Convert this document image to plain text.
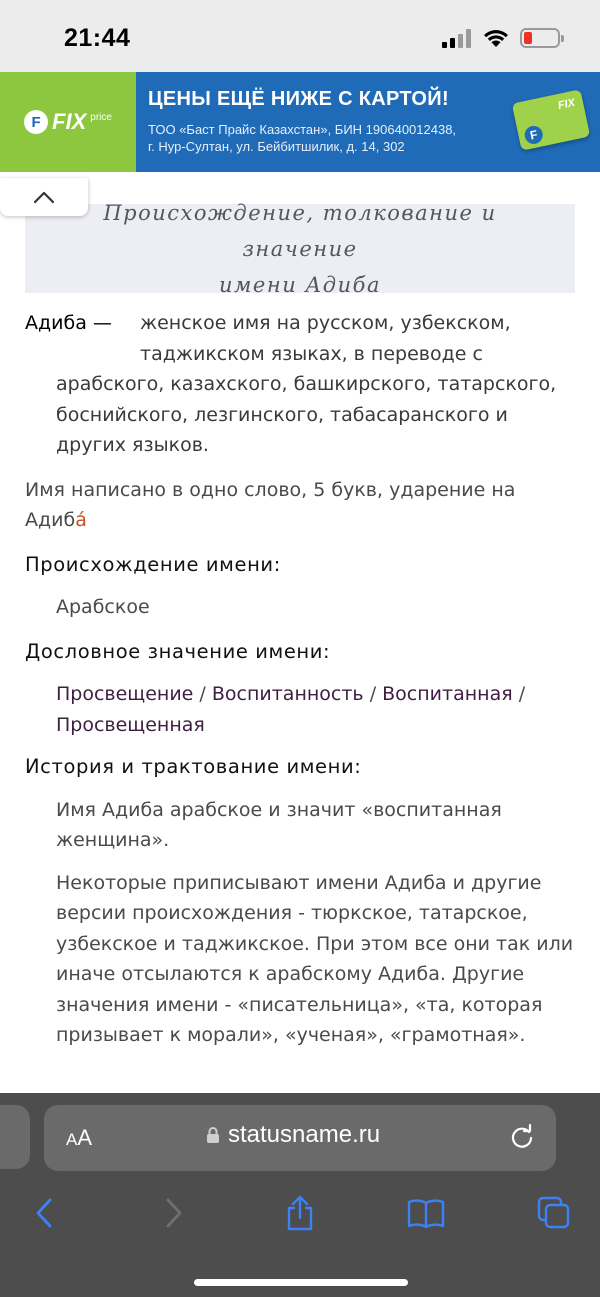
21:44
F FIX price
ЦЕНЫ ЕЩЁ НИЖЕ С КАРТОЙ!
ТОО «Бaст Прайс Казахстан», БИН 190640012438,
г. Нур-Султан, ул. Бейбитшилик, д. 14, 302
FIX
F
Происхождение, толкование и значение
имени Адиба
Адиба —	женское имя на русском, узбекском,
таджикском языках, в переводе с
арабского, казахского, башкирского, татарского, боснийского, лезгинского, табасаранского и других языков.
Имя написано в одно слово, 5 букв, ударение на
Адиба́
Происхождение имени:
Арабское
Дословное значение имени:
Просвещение / Воспитанность / Воспитанная / Просвещенная
История и трактование имени:
Имя Адиба арабское и значит «воспитанная женщина».
Некоторые приписывают имени Адиба и другие версии происхождения - тюркское, татарское, узбекское и таджикское. При этом все они так или иначе отсылаются к арабскому Адиба. Другие значения имени - «писательница», «та, которая призывает к морали», «ученая», «грамотная».
AA	statusname.ru
